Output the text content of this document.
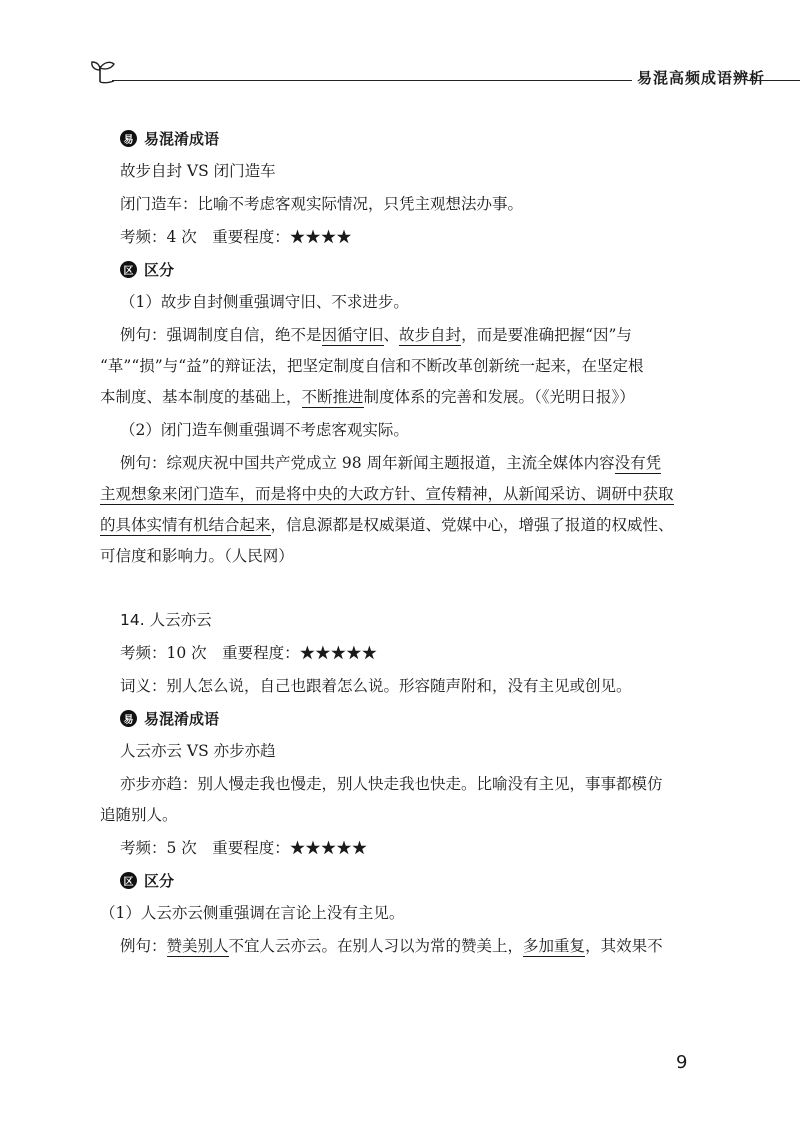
易混高频成语辨析
易 易混淆成语

故步自封 VS 闭门造车

闭门造车：比喻不考虑客观实际情况，只凭主观想法办事。

考频：4 次　重要程度：★★★★

区 区分

（1）故步自封侧重强调守旧、不求进步。

例句：强调制度自信，绝不是因循守旧、故步自封，而是要准确把握“因”与

“革”“损”与“益”的辩证法，把坚定制度自信和不断改革创新统一起来，在坚定根

本制度、基本制度的基础上，不断推进制度体系的完善和发展。（《光明日报》）

（2）闭门造车侧重强调不考虑客观实际。

例句：综观庆祝中国共产党成立 98 周年新闻主题报道，主流全媒体内容没有凭

主观想象来闭门造车，而是将中央的大政方针、宣传精神，从新闻采访、调研中获取

的具体实情有机结合起来，信息源都是权威渠道、党媒中心，增强了报道的权威性、

可信度和影响力。（人民网）

14. 人云亦云

考频：10 次　重要程度：★★★★★

词义：别人怎么说，自己也跟着怎么说。形容随声附和，没有主见或创见。

易 易混淆成语

人云亦云 VS 亦步亦趋

亦步亦趋：别人慢走我也慢走，别人快走我也快走。比喻没有主见，事事都模仿

追随别人。

考频：5 次　重要程度：★★★★★

区 区分

（1）人云亦云侧重强调在言论上没有主见。

例句：赞美别人不宜人云亦云。在别人习以为常的赞美上，多加重复，其效果不

9
